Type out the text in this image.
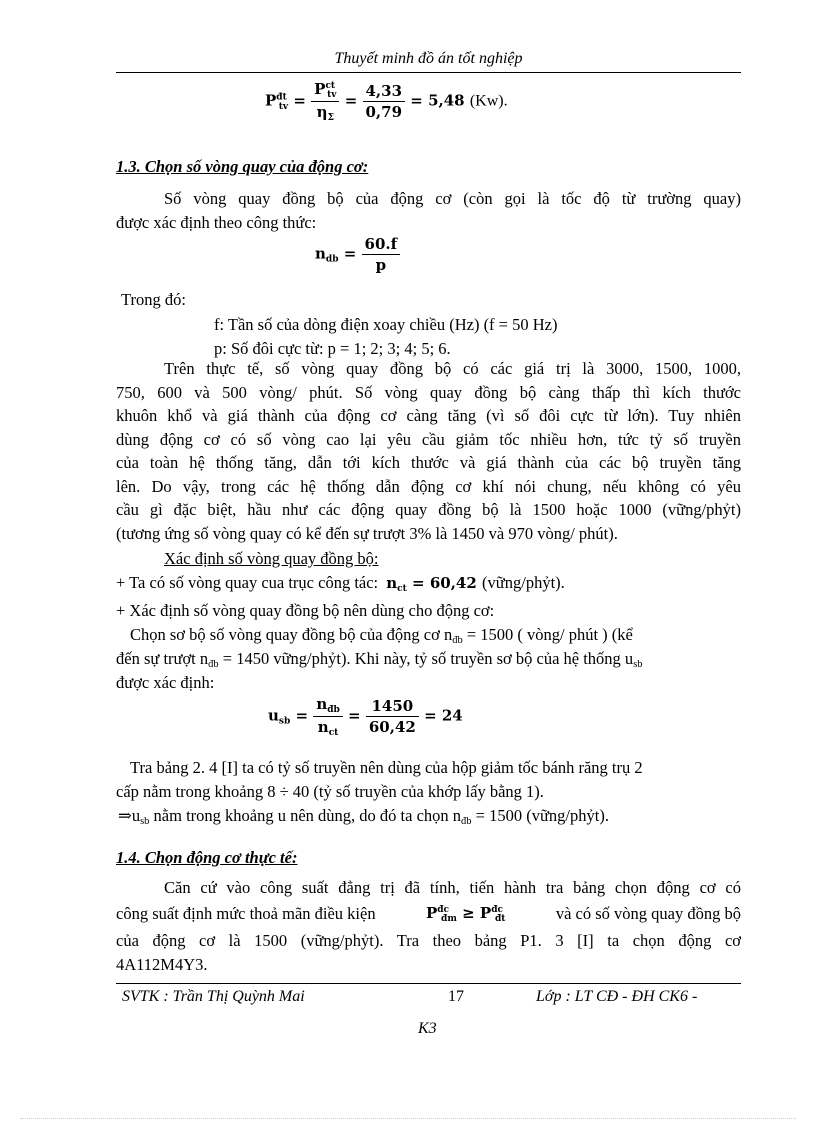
Thuyết minh đồ án tốt nghiệp
$P^{đt}_{tv} = \frac{P^{ct}_{tv}}{\eta_\Sigma} = \frac{4,33}{0,79} = 5,48$ (Kw).
1.3. Chọn số vòng quay của động cơ:
Số vòng quay đồng bộ của động cơ (còn gọi là tốc độ từ trường quay)
được xác định theo công thức:
$n_{db} = \frac{60.f}{p}$
Trong đó:
f: Tần số của dòng điện xoay chiều (Hz) (f = 50 Hz)
p: Số đôi cực từ: p = 1; 2; 3; 4; 5; 6.
Trên thực tế, số vòng quay đồng bộ có các giá trị là 3000, 1500, 1000,
750, 600 và 500 vòng/ phút. Số vòng quay đồng bộ càng thấp thì kích thước
khuôn khổ và giá thành của động cơ càng tăng (vì số đôi cực từ lớn). Tuy nhiên
dùng động cơ có số vòng cao lại yêu cầu giảm tốc nhiều hơn, tức tỷ số truyền
của toàn hệ thống tăng, dẫn tới kích thước và giá thành của các bộ truyền tăng
lên. Do vậy, trong các hệ thống dẫn động cơ khí nói chung, nếu không có yêu
cầu gì đặc biệt, hầu như các động quay đồng bộ là 1500 hoặc 1000 (vững/phỷt)
(tương ứng số vòng quay có kể đến sự trượt 3% là 1450 và 970 vòng/ phút).
Xác định số vòng quay đồng bộ:
+ Ta có số vòng quay cua trục công tác: $n_{ct} = 60,42$ (vững/phỷt).
+ Xác định số vòng quay đồng bộ nên dùng cho động cơ:
Chọn sơ bộ số vòng quay đồng bộ của động cơ $n_{đb} = 1500$ ( vòng/ phút ) (kể
đến sự trượt $n_{đb} = 1450$ vững/phỷt). Khi này, tỷ số truyền sơ bộ của hệ thống $u_{sb}$
được xác định:
$u_{sb} = \frac{n_{đb}}{n_{ct}} = \frac{1450}{60,42} = 24$
Tra bảng 2. 4 [I] ta có tỷ số truyền nên dùng của hộp giảm tốc bánh răng trụ 2
cấp nằm trong khoảng 8 ÷ 40 (tỷ số truyền của khớp lấy bằng 1).
$\Rightarrow u_{sb}$ nằm trong khoảng u nên dùng, do đó ta chọn $n_{đb} = 1500$ (vững/phỷt).
1.4. Chọn động cơ thực tế:
Căn cứ vào công suất đẳng trị đã tính, tiến hành tra bảng chọn động cơ có
công suất định mức thoả mãn điều kiện	$P^{đc}_{đm} \ge P^{đc}_{đt}$	và có số vòng quay đồng bộ
của động cơ là 1500 (vững/phỷt). Tra theo bảng P1. 3 [I] ta chọn động cơ
4A112M4Y3.
SVTK : Trần Thị Quỳnh Mai	17	Lớp : LT CĐ - ĐH CK6 -
K3
